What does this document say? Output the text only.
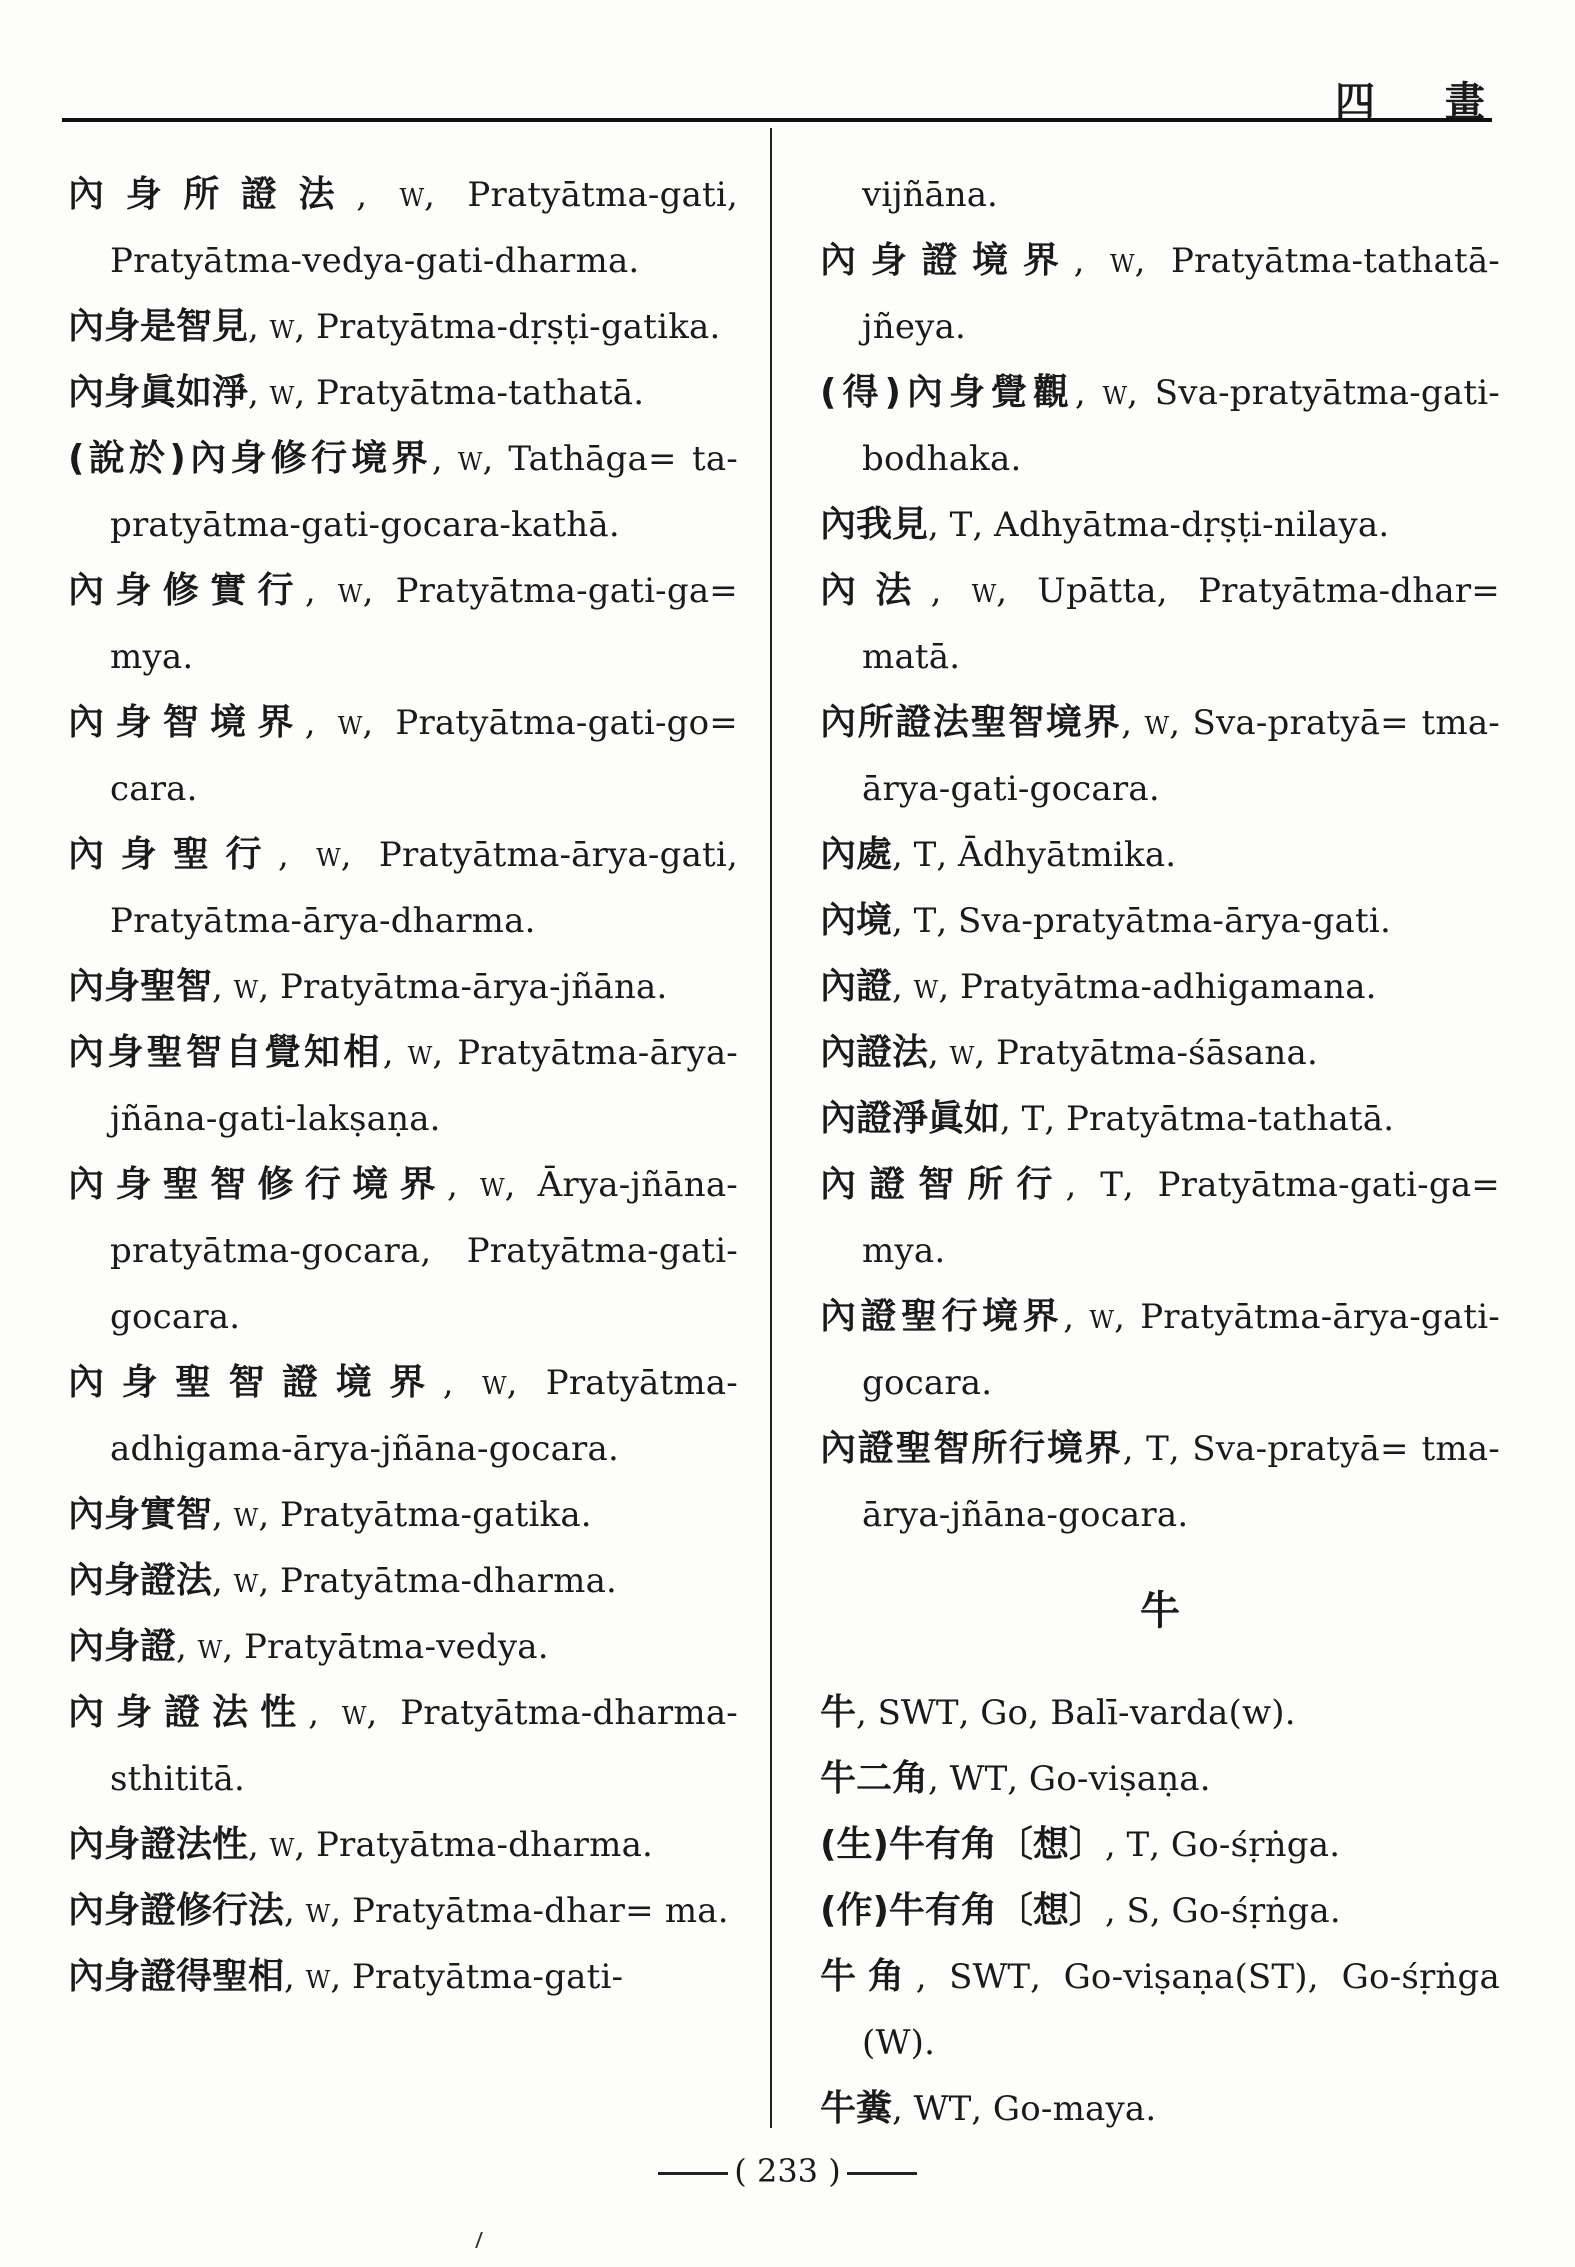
四 畫
內身所證法, w, Pratyātma-gati, Pratyātma-vedya-gati-dharma.
內身是智見, w, Pratyātma-dṛṣṭi-gatika.
內身眞如淨, w, Pratyātma-tathatā.
(說於)內身修行境界, w, Tathāga= ta-pratyātma-gati-gocara-kathā.
內身修實行, w, Pratyātma-gati-ga= mya.
內身智境界, w, Pratyātma-gati-go= cara.
內身聖行, w, Pratyātma-ārya-gati, Pratyātma-ārya-dharma.
內身聖智, w, Pratyātma-ārya-jñāna.
內身聖智自覺知相, w, Pratyātma-ārya-jñāna-gati-lakṣaṇa.
內身聖智修行境界, w, Ārya-jñāna-pratyātma-gocara, Pratyātma-gati-gocara.
內身聖智證境界, w, Pratyātma-adhigama-ārya-jñāna-gocara.
內身實智, w, Pratyātma-gatika.
內身證法, w, Pratyātma-dharma.
內身證, w, Pratyātma-vedya.
內身證法性, w, Pratyātma-dharma-sthititā.
內身證法性, w, Pratyātma-dharma.
內身證修行法, w, Pratyātma-dhar= ma.
內身證得聖相, w, Pratyātma-gati-
vijñāna.
內身證境界, w, Pratyātma-tathatā-jñeya.
(得)內身覺觀, w, Sva-pratyātma-gati-bodhaka.
內我見, T, Adhyātma-dṛṣṭi-nilaya.
內法, w, Upātta, Pratyātma-dhar= matā.
內所證法聖智境界, w, Sva-pratyā= tma-ārya-gati-gocara.
內處, T, Ādhyātmika.
內境, T, Sva-pratyātma-ārya-gati.
內證, w, Pratyātma-adhigamana.
內證法, w, Pratyātma-śāsana.
內證淨眞如, T, Pratyātma-tathatā.
內證智所行, T, Pratyātma-gati-ga= mya.
內證聖行境界, w, Pratyātma-ārya-gati-gocara.
內證聖智所行境界, T, Sva-pratyā= tma-ārya-jñāna-gocara.
牛
牛, SWT, Go, Balī-varda(w).
牛二角, WT, Go-viṣaṇa.
(生)牛有角〔想〕, T, Go-śṛṅga.
(作)牛有角〔想〕, S, Go-śṛṅga.
牛角, SWT, Go-viṣaṇa(ST), Go-śṛṅga (W).
牛糞, WT, Go-maya.
( 233 )
